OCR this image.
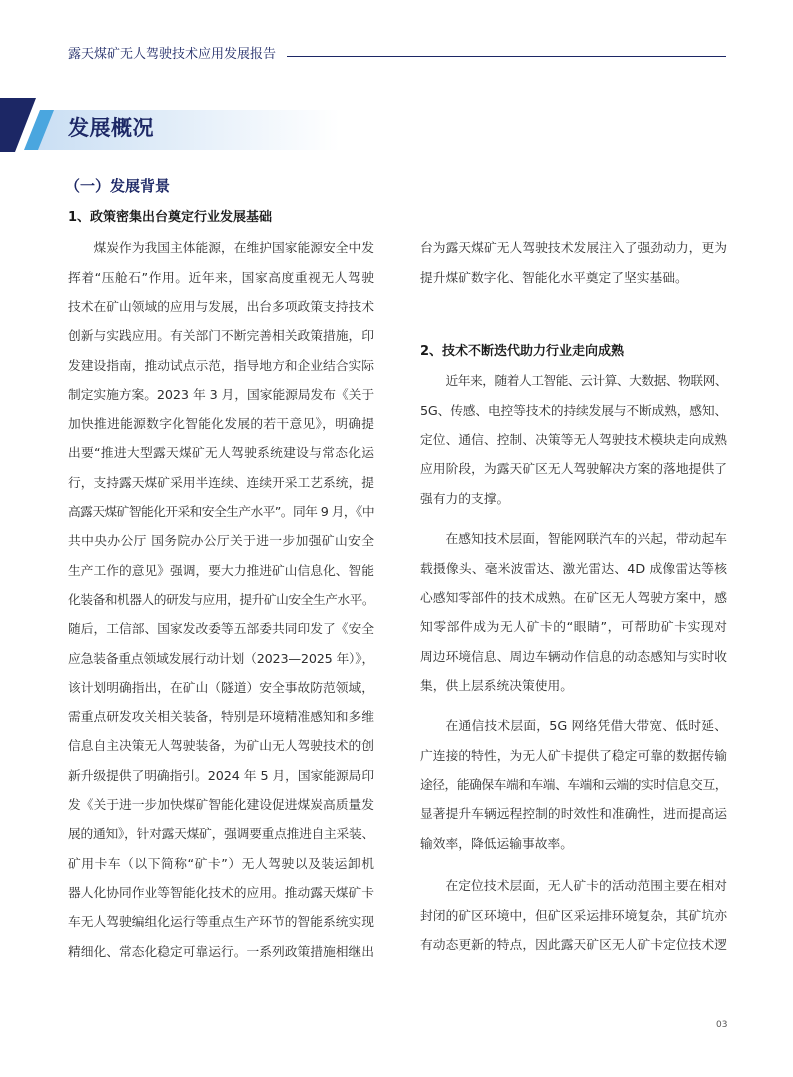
露天煤矿无人驾驶技术应用发展报告
发展概况
（一）发展背景
1、政策密集出台奠定行业发展基础
煤炭作为我国主体能源，在维护国家能源安全中发
挥着“压舱石”作用。近年来，国家高度重视无人驾驶
技术在矿山领域的应用与发展，出台多项政策支持技术
创新与实践应用。有关部门不断完善相关政策措施，印
发建设指南，推动试点示范，指导地方和企业结合实际
制定实施方案。2023 年 3 月，国家能源局发布《关于
加快推进能源数字化智能化发展的若干意见》，明确提
出要“推进大型露天煤矿无人驾驶系统建设与常态化运
行，支持露天煤矿采用半连续、连续开采工艺系统，提
高露天煤矿智能化开采和安全生产水平”。同年 9 月，《中
共中央办公厅 国务院办公厅关于进一步加强矿山安全
生产工作的意见》强调，要大力推进矿山信息化、智能
化装备和机器人的研发与应用，提升矿山安全生产水平。
随后，工信部、国家发改委等五部委共同印发了《安全
应急装备重点领域发展行动计划（2023—2025 年）》，
该计划明确指出，在矿山（隧道）安全事故防范领域，
需重点研发攻关相关装备，特别是环境精准感知和多维
信息自主决策无人驾驶装备，为矿山无人驾驶技术的创
新升级提供了明确指引。2024 年 5 月，国家能源局印
发《关于进一步加快煤矿智能化建设促进煤炭高质量发
展的通知》，针对露天煤矿，强调要重点推进自主采装、
矿用卡车（以下简称“矿卡”）无人驾驶以及装运卸机
器人化协同作业等智能化技术的应用。推动露天煤矿卡
车无人驾驶编组化运行等重点生产环节的智能系统实现
精细化、常态化稳定可靠运行。一系列政策措施相继出
台为露天煤矿无人驾驶技术发展注入了强劲动力，更为
提升煤矿数字化、智能化水平奠定了坚实基础。
2、技术不断迭代助力行业走向成熟
近年来，随着人工智能、云计算、大数据、物联网、
5G、传感、电控等技术的持续发展与不断成熟，感知、
定位、通信、控制、决策等无人驾驶技术模块走向成熟
应用阶段，为露天矿区无人驾驶解决方案的落地提供了
强有力的支撑。
在感知技术层面，智能网联汽车的兴起，带动起车
载摄像头、毫米波雷达、激光雷达、4D 成像雷达等核
心感知零部件的技术成熟。在矿区无人驾驶方案中，感
知零部件成为无人矿卡的“眼睛”，可帮助矿卡实现对
周边环境信息、周边车辆动作信息的动态感知与实时收
集，供上层系统决策使用。
在通信技术层面，5G 网络凭借大带宽、低时延、
广连接的特性，为无人矿卡提供了稳定可靠的数据传输
途径，能确保车端和车端、车端和云端的实时信息交互，
显著提升车辆远程控制的时效性和准确性，进而提高运
输效率，降低运输事故率。
在定位技术层面，无人矿卡的活动范围主要在相对
封闭的矿区环境中，但矿区采运排环境复杂，其矿坑亦
有动态更新的特点，因此露天矿区无人矿卡定位技术逻
03
